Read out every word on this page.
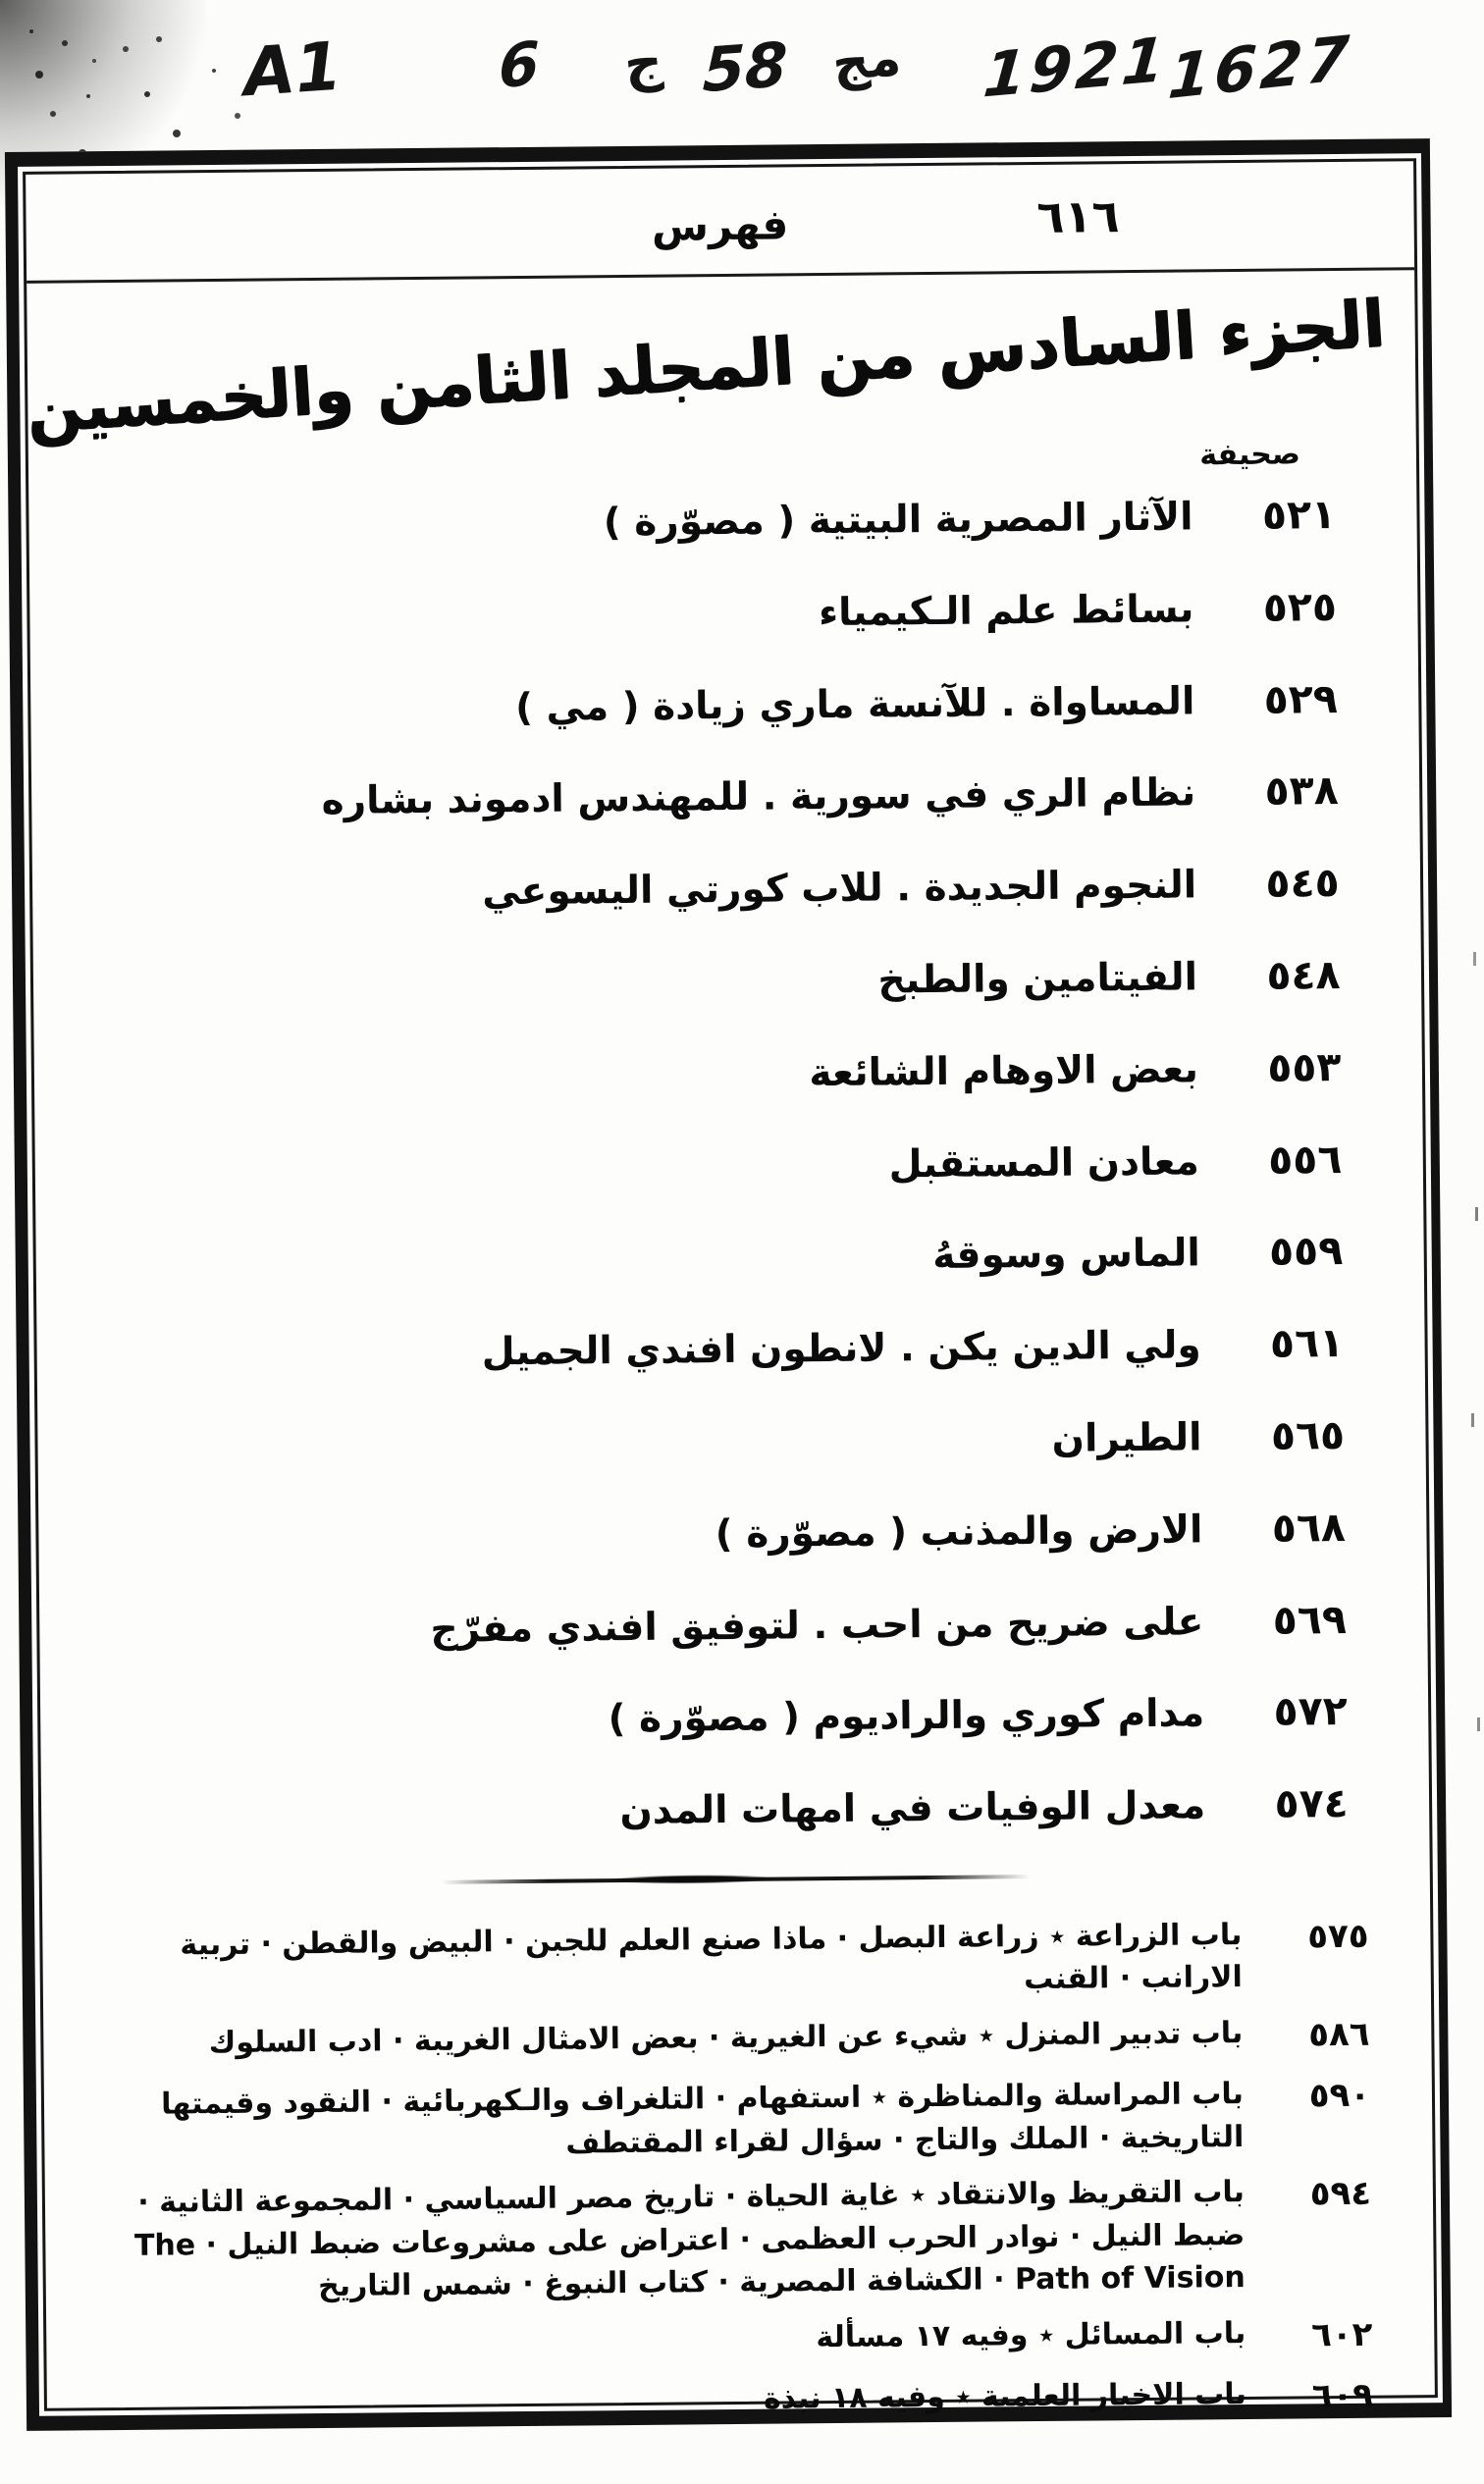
A1	6 ج 58 مج 1921
1627
٦١٦
فهرس
الجزء السادس من المجلد الثامن والخمسين
صحيفة
٥٢١
الآثار المصرية البيتية ( مصوّرة )
٥٢٥
بسائط علم الـكيمياء
٥٢٩
المساواة . للآنسة ماري زيادة ( مي )
٥٣٨
نظام الري في سورية . للمهندس ادموند بشاره
٥٤٥
النجوم الجديدة . للاب كورتي اليسوعي
٥٤٨
الفيتامين والطبخ
٥٥٣
بعض الاوهام الشائعة
٥٥٦
معادن المستقبل
٥٥٩
الماس وسوقهُ
٥٦١
ولي الدين يكن . لانطون افندي الجميل
٥٦٥
الطيران
٥٦٨
الارض والمذنب ( مصوّرة )
٥٦٩
على ضريح من احب . لتوفيق افندي مفرّج
٥٧٢
مدام كوري والراديوم ( مصوّرة )
٥٧٤
معدل الوفيات في امهات المدن
٥٧٥
باب الزراعة ٭ زراعة البصل · ماذا صنع العلم للجبن · البيض والقطن · تربية الارانب · القنب
٥٨٦
باب تدبير المنزل ٭ شيء عن الغيرية · بعض الامثال الغريبة · ادب السلوك
٥٩٠
باب المراسلة والمناظرة ٭ استفهام · التلغراف والـكهربائية · النقود وقيمتها التاريخية · الملك والتاج · سؤال لقراء المقتطف
٥٩٤
باب التقريظ والانتقاد ٭ غاية الحياة · تاريخ مصر السياسي · المجموعة الثانية · ضبط النيل · نوادر الحرب العظمى · اعتراض على مشروعات ضبط النيل · The Path of Vision · الكشافة المصرية · كتاب النبوغ · شمس التاريخ
٦٠٢
باب المسائل ٭ وفيه ١٧ مسألة
٦٠٩
باب الاخبار العلمية ٭ وفيه ١٨ نبذة
